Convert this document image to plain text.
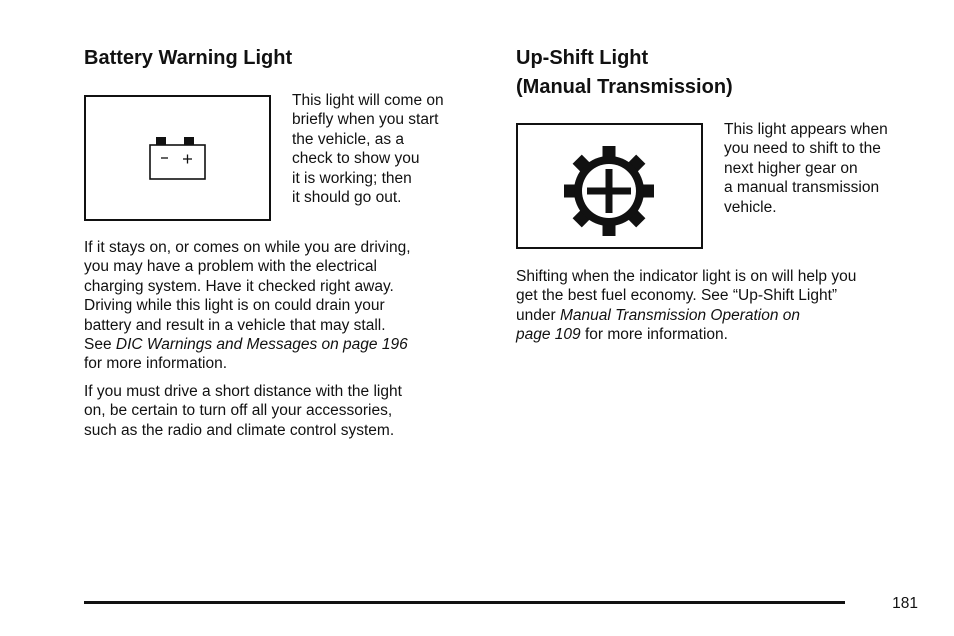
Battery Warning Light
This light will come on
briefly when you start
the vehicle, as a
check to show you
it is working; then
it should go out.
If it stays on, or comes on while you are driving,
you may have a problem with the electrical
charging system. Have it checked right away.
Driving while this light is on could drain your
battery and result in a vehicle that may stall.
See DIC Warnings and Messages on page 196
for more information.
If you must drive a short distance with the light
on, be certain to turn off all your accessories,
such as the radio and climate control system.
Up-Shift Light
(Manual Transmission)
This light appears when
you need to shift to the
next higher gear on
a manual transmission
vehicle.
Shifting when the indicator light is on will help you
get the best fuel economy. See “Up-Shift Light”
under Manual Transmission Operation on
page 109 for more information.
181
